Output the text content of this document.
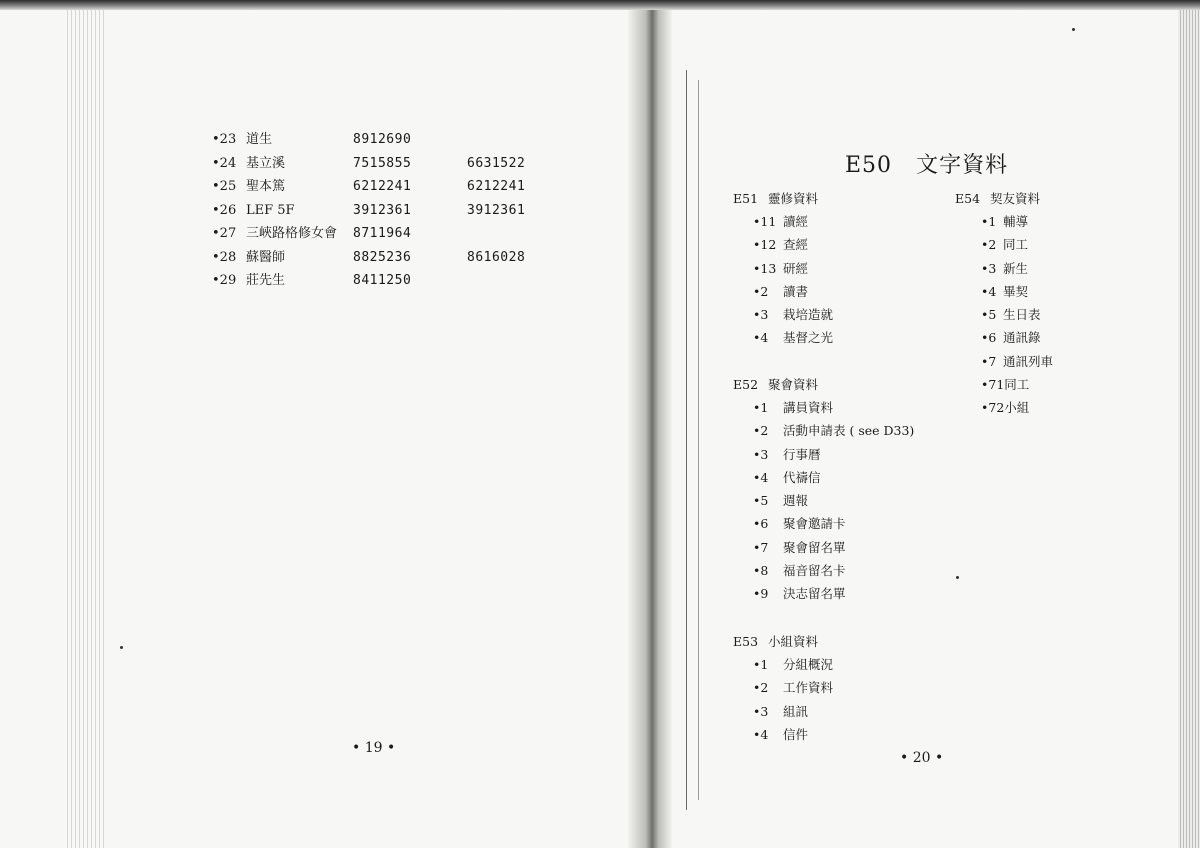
•23 道生	8912690
•24 基立溪	7515855	6631522
•25 聖本篤	6212241	6212241
•26 LEF 5F	3912361	3912361
•27 三峽路格修女會 8711964
•28 蘇醫師	8825236	8616028
•29 莊先生	8411250
• 19 •
E50 文字資料
E51 靈修資料
•11 讀經
•12 查經
•13 研經
•2 讀書
•3 栽培造就
•4 基督之光
E52 聚會資料
•1 講員資料
•2 活動申請表 ( see D33)
•3 行事曆
•4 代禱信
•5 週報
•6 聚會邀請卡
•7 聚會留名單
•8 福音留名卡
•9 決志留名單
E53 小組資料
•1 分組概況
•2 工作資料
•3 組訊
•4 信件
E54 契友資料
•1 輔導
•2 同工
•3 新生
•4 畢契
•5 生日表
•6 通訊錄
•7 通訊列車
•71同工
•72小組
• 20 •
